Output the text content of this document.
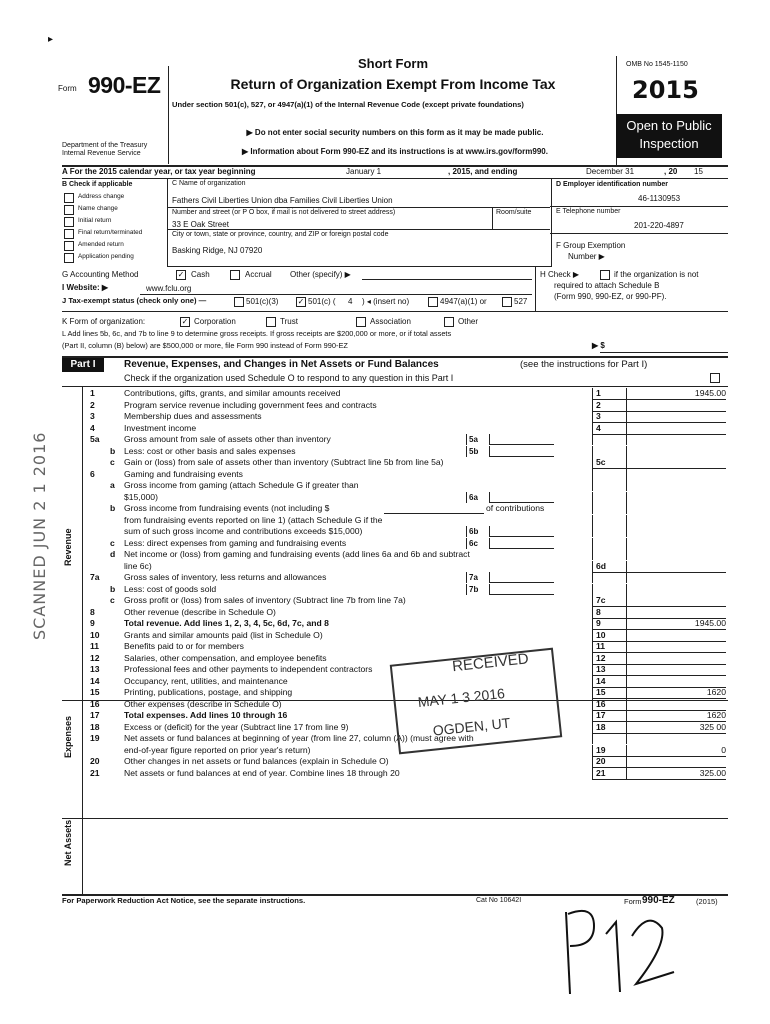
Form 990-EZ
Department of the Treasury
Internal Revenue Service
Short Form
Return of Organization Exempt From Income Tax
Under section 501(c), 527, or 4947(a)(1) of the Internal Revenue Code (except private foundations)
▶ Do not enter social security numbers on this form as it may be made public.
▶ Information about Form 990-EZ and its instructions is at www.irs.gov/form990.
OMB No 1545-1150
2015
Open to Public
Inspection
A For the 2015 calendar year, or tax year beginning	January 1	, 2015, and ending	December 31	, 20 15
B Check if applicable
Address change
Name change
Initial return
Final return/terminated
Amended return
Application pending
C Name of organization
Fathers Civil Liberties Union dba Families Civil Liberties Union
Number and street (or P O box, if mail is not delivered to street address)	Room/suite
33 E Oak Street
City or town, state or province, country, and ZIP or foreign postal code
Basking Ridge, NJ 07920
D Employer identification number
46-1130953
E Telephone number
201-220-4897
F Group Exemption
Number ▶
G Accounting Method	✓ Cash	Accrual Other (specify) ▶	H Check ▶	if the organization is not
required to attach Schedule B
(Form 990, 990-EZ, or 990-PF).
I Website: ▶	www.fclu.org
J Tax-exempt status (check only one) —	501(c)(3) ✓ 501(c) ( 4 ) ◂ (insert no)	4947(a)(1) or	527
K Form of organization:	✓ Corporation	Trust	Association	Other
L Add lines 5b, 6c, and 7b to line 9 to determine gross receipts. If gross receipts are $200,000 or more, or if total assets
(Part II, column (B) below) are $500,000 or more, file Form 990 instead of Form 990-EZ	▶ $
Part I	Revenue, Expenses, and Changes in Net Assets or Fund Balances	(see the instructions for Part I)
Check if the organization used Schedule O to respond to any question in this Part I
Revenue
Expenses
Net Assets
1	Contributions, gifts, grants, and similar amounts received	1	1945.00
2	Program service revenue including government fees and contracts	2
3	Membership dues and assessments	3
4	Investment income	4
5a	Gross amount from sale of assets other than inventory	5a
b	Less: cost or other basis and sales expenses	5b
c	Gain or (loss) from sale of assets other than inventory (Subtract line 5b from line 5a)	5c
6	Gaming and fundraising events
a	Gross income from gaming (attach Schedule G if greater than
$15,000)	6a
b	Gross income from fundraising events (not including $	of contributions
from fundraising events reported on line 1) (attach Schedule G if the
sum of such gross income and contributions exceeds $15,000)	6b
c	Less: direct expenses from gaming and fundraising events	6c
d	Net income or (loss) from gaming and fundraising events (add lines 6a and 6b and subtract
line 6c)	6d
7a	Gross sales of inventory, less returns and allowances	7a
b	Less: cost of goods sold	7b
c	Gross profit or (loss) from sales of inventory (Subtract line 7b from line 7a)	7c
8	Other revenue (describe in Schedule O)	8
9	Total revenue. Add lines 1, 2, 3, 4, 5c, 6d, 7c, and 8	9	1945.00
10	Grants and similar amounts paid (list in Schedule O)	10
11	Benefits paid to or for members	11
12	Salaries, other compensation, and employee benefits	12
13	Professional fees and other payments to independent contractors	13
14	Occupancy, rent, utilities, and maintenance	14
15	Printing, publications, postage, and shipping	15	1620
16	Other expenses (describe in Schedule O)	16
17	Total expenses. Add lines 10 through 16	17	1620
18	Excess or (deficit) for the year (Subtract line 17 from line 9)	18	325 00
19	Net assets or fund balances at beginning of year (from line 27, column (A)) (must agree with
end-of-year figure reported on prior year's return)	19	0
20	Other changes in net assets or fund balances (explain in Schedule O)	20
21	Net assets or fund balances at end of year. Combine lines 18 through 20	21	325.00
For Paperwork Reduction Act Notice, see the separate instructions.	Cat No 10642I	Form 990-EZ	(2015)
RECEIVED
MAY 1 3 2016
OGDEN, UT
SCANNED JUN 2 1 2016
▸
